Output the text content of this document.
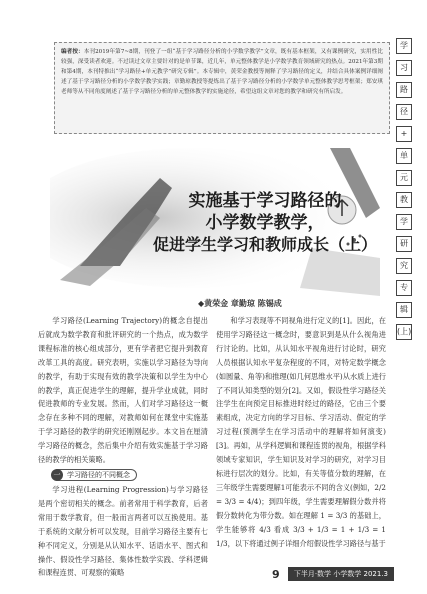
编者按：本刊2019年第7~8期，刊登了一组“基于学习路径分析的小学数学教学”文章，既有基本框架，又有课例研究，实用性比较强，深受读者欢迎。不过读过文章主要针对的是单节课，近几年，单元整体教学是小学数学教育领域研究的热点。2021年第3期和第4期，本刊特推出“学习路径+单元教学”研究专辑”。本专辑中，黄荣金教授等阐释了学习路径的定义，并结合具体案例详细阐述了基于学习路径分析的小学数学教学实践；章勤琼教授等提炼出了基于学习路径分析的小学数学单元整体教学思考框架；郑安琪老师等从不同角度阐述了基于学习路径分析的单元整体教学的实施途径，希望这组文章对您的教学和研究有所启发。
学
习
路
径
+
单
元
教
学
研
究
专
辑
(上)
实施基于学习路径的
小学数学教学，
促进学生学习和教师成长（上）
◆黄荣金 章勤琼 陈锡成

学习路径(Learning Trajectory)的概念自提出后就成为数学教育和批评研究的一个热点，成为数学课程标准的核心组成部分，更有学者把它提升到教育改革工具的高度。研究表明，实施以学习路径为导向的教学，有助于实现有效的教学决策和以学生为中心的教学，真正促进学生的理解，提升学业成就，同时促进教师的专业发展。然而，人们对学习路径这一概念存在多种不同的理解，对教师如何在课堂中实施基于学习路径的教学的研究还刚刚起步。本文旨在厘清学习路径的概念，然后集中介绍有效实施基于学习路径的教学的相关策略。

一 学习路径的不同概念

学习进程(Learning Progression)与学习路径是两个密切相关的概念。前者常用于科学教育，后者常用于数学教育，但一般而言两者可以互换使用。基于系统的文献分析可以发现，目前学习路径主要有七种不同定义，分别是从认知水平、话语水平、图式和操作、假设性学习路径、集体性数学实践、学科逻辑和课程连贯、可观察的策略

和学习表现等不同视角进行定义的[1]。因此，在使用学习路径这一概念时，要意识到是从什么视角进行讨论的。比如，从认知水平视角进行讨论时，研究人员根据认知水平复杂程度的不同，对特定数学概念(如圆量、角等)和推理(如几何思维水平)从水质上进行了不同认知类型的划分[2]。又如，假设性学习路径关注学生在向预定目标推进时经过的路径，它由三个要素组成，决定方向的学习目标、学习活动、假定的学习过程(预测学生在学习活动中的理解将如何演变)[3]。再如，从学科逻辑和课程连贯的视角，根据学科领域专家知识，学生知识及对学习的研究，对学习目标进行层次的划分。比如，有关等值分数的理解，在三年级学生需要理解1可能表示不同的含义(例如，2/2 = 3/3 = 4/4)；到四年级，学生需要理解假分数并将假分数转化为带分数。如在理解 1 = 3/3 的基础上，学生能够将 4/3 看成 3/3 + 1/3 = 1 + 1/3 = 1 1/3，以下将通过例子详细介绍假设性学习路径与基于

9	下半月·数学 小学数学 2021.3
